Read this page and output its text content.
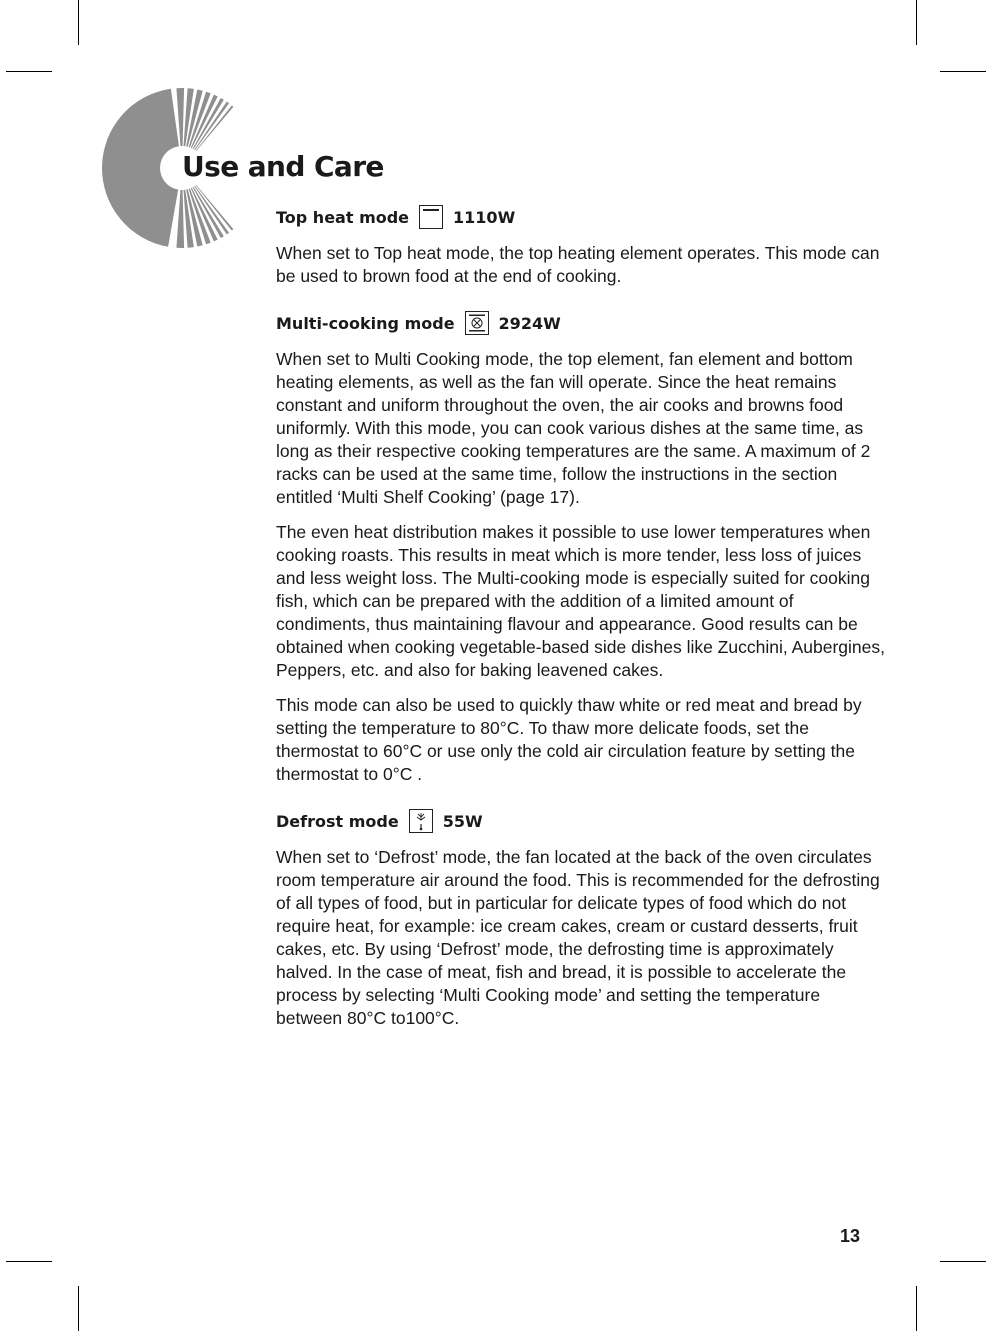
Use and Care
Top heat mode	1110W

When set to Top heat mode, the top heating element operates. This mode can be used to brown food at the end of cooking.

Multi-cooking mode	2924W

When set to Multi Cooking mode, the top element, fan element and bottom heating elements, as well as the fan will operate. Since the heat remains constant and uniform throughout the oven, the air cooks and browns food uniformly. With this mode, you can cook various dishes at the same time, as long as their respective cooking temperatures are the same. A maximum of 2 racks can be used at the same time, follow the instructions in the section entitled ‘Multi Shelf Cooking’ (page 17).

The even heat distribution makes it possible to use lower temperatures when cooking roasts. This results in meat which is more tender, less loss of juices and less weight loss. The Multi-cooking mode is especially suited for cooking fish, which can be prepared with the addition of a limited amount of condiments, thus maintaining flavour and appearance. Good results can be obtained when cooking vegetable-based side dishes like Zucchini, Aubergines, Peppers, etc. and also for baking leavened cakes.

This mode can also be used to quickly thaw white or red meat and bread by setting the temperature to 80°C. To thaw more delicate foods, set the thermostat to 60°C or use only the cold air circulation feature by setting the thermostat to 0°C .

Defrost mode	55W

When set to ‘Defrost’ mode, the fan located at the back of the oven circulates room temperature air around the food. This is recommended for the defrosting of all types of food, but in particular for delicate types of food which do not require heat, for example: ice cream cakes, cream or custard desserts, fruit cakes, etc. By using ‘Defrost’ mode, the defrosting time is approximately halved. In the case of meat, fish and bread, it is possible to accelerate the process by selecting ‘Multi Cooking mode’ and setting the temperature between 80°C to100°C.

13
